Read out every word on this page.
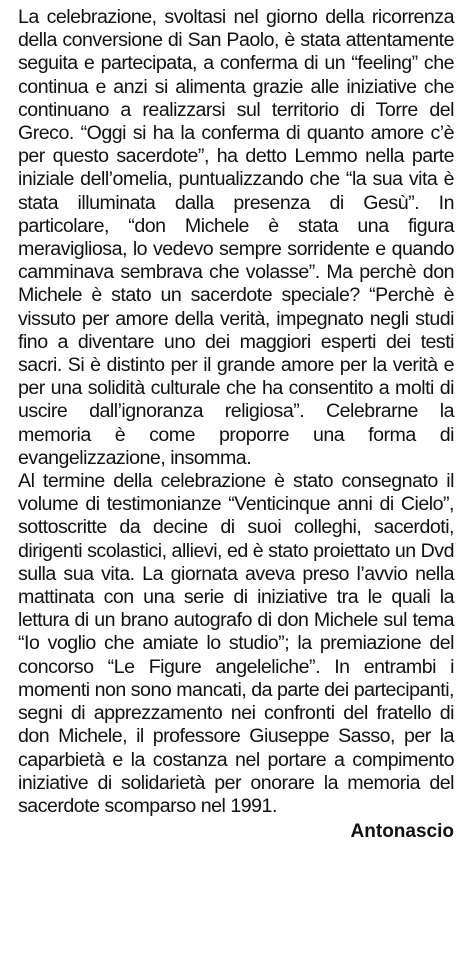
La celebrazione, svoltasi nel giorno della ricorrenza della conversione di San Paolo, è stata attentamente seguita e partecipata, a conferma di un “feeling” che continua e anzi si alimenta grazie alle iniziative che continuano a realizzarsi sul territorio di Torre del Greco. “Oggi si ha la conferma di quanto amore c’è per questo sacerdote”, ha detto Lemmo nella parte iniziale dell’omelia, puntualizzando che “la sua vita è stata illuminata dalla presenza di Gesù”. In particolare, “don Michele è stata una figura meravigliosa, lo vedevo sempre sorridente e quando camminava sembrava che volasse”. Ma perchè don Michele è stato un sacerdote speciale? “Perchè è vissuto per amore della verità, impegnato negli studi fino a diventare uno dei maggiori esperti dei testi sacri. Si è distinto per il grande amore per la verità e per una solidità culturale che ha consentito a molti di uscire dall’ignoranza religiosa”. Celebrarne la memoria è come proporre una forma di evangelizzazione, insomma.

Al termine della celebrazione è stato consegnato il volume di testimonianze “Venticinque anni di Cielo”, sottoscritte da decine di suoi colleghi, sacerdoti, dirigenti scolastici, allievi, ed è stato proiettato un Dvd sulla sua vita. La giornata aveva preso l’avvio nella mattinata con una serie di iniziative tra le quali la lettura di un brano autografo di don Michele sul tema “Io voglio che amiate lo studio”; la premiazione del concorso “Le Figure angeleliche”. In entrambi i momenti non sono mancati, da parte dei partecipanti, segni di apprezzamento nei confronti del fratello di don Michele, il professore Giuseppe Sasso, per la caparbietà e la costanza nel portare a compimento iniziative di solidarietà per onorare la memoria del sacerdote scomparso nel 1991.

Antonascio
